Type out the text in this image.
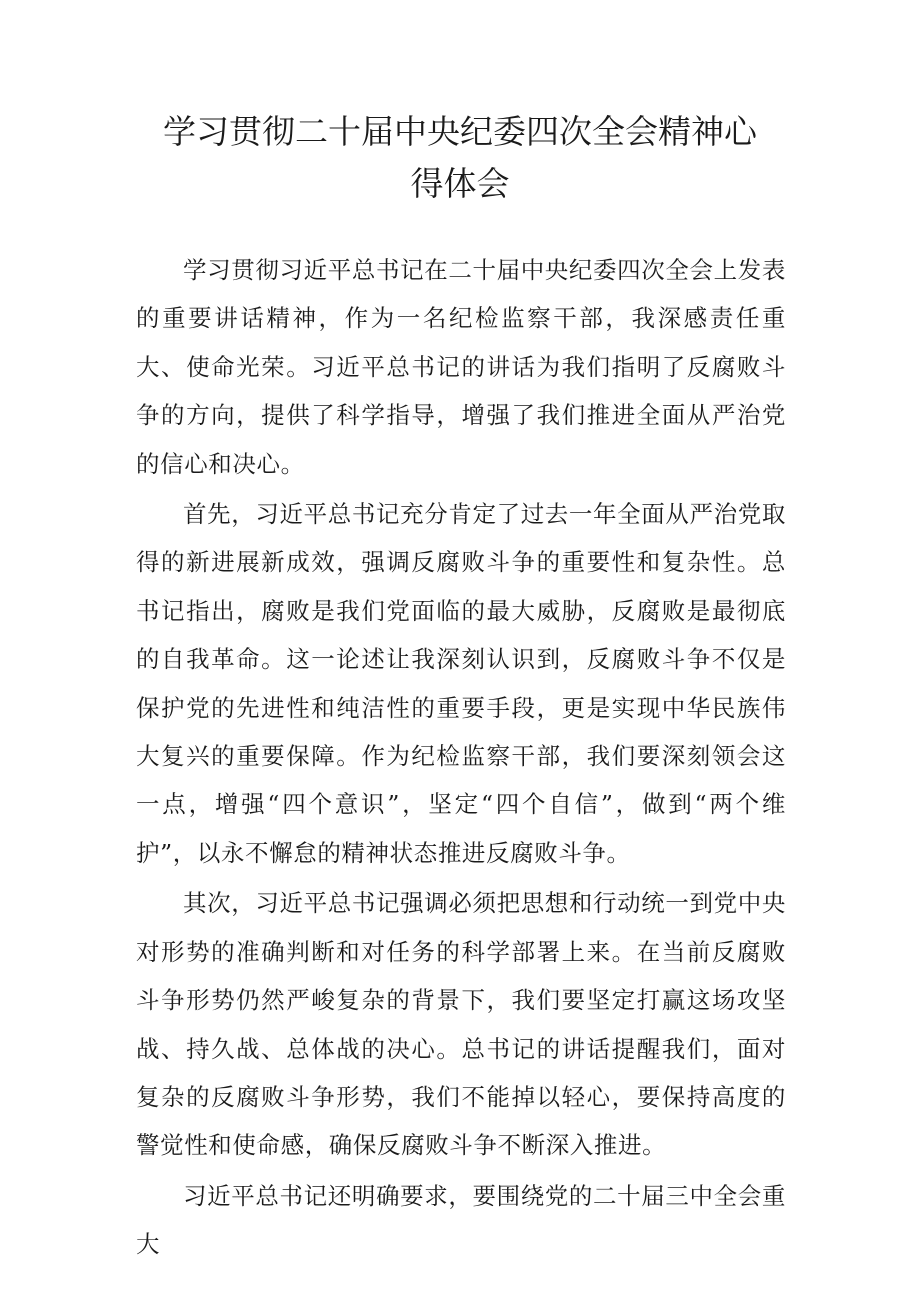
学习贯彻二十届中央纪委四次全会精神心得体会

学习贯彻习近平总书记在二十届中央纪委四次全会上发表的重要讲话精神，作为一名纪检监察干部，我深感责任重大、使命光荣。习近平总书记的讲话为我们指明了反腐败斗争的方向，提供了科学指导，增强了我们推进全面从严治党的信心和决心。

首先，习近平总书记充分肯定了过去一年全面从严治党取得的新进展新成效，强调反腐败斗争的重要性和复杂性。总书记指出，腐败是我们党面临的最大威胁，反腐败是最彻底的自我革命。这一论述让我深刻认识到，反腐败斗争不仅是保护党的先进性和纯洁性的重要手段，更是实现中华民族伟大复兴的重要保障。作为纪检监察干部，我们要深刻领会这一点，增强“四个意识”，坚定“四个自信”，做到“两个维护”，以永不懈怠的精神状态推进反腐败斗争。

其次，习近平总书记强调必须把思想和行动统一到党中央对形势的准确判断和对任务的科学部署上来。在当前反腐败斗争形势仍然严峻复杂的背景下，我们要坚定打赢这场攻坚战、持久战、总体战的决心。总书记的讲话提醒我们，面对复杂的反腐败斗争形势，我们不能掉以轻心，要保持高度的警觉性和使命感，确保反腐败斗争不断深入推进。

习近平总书记还明确要求，要围绕党的二十届三中全会重大
